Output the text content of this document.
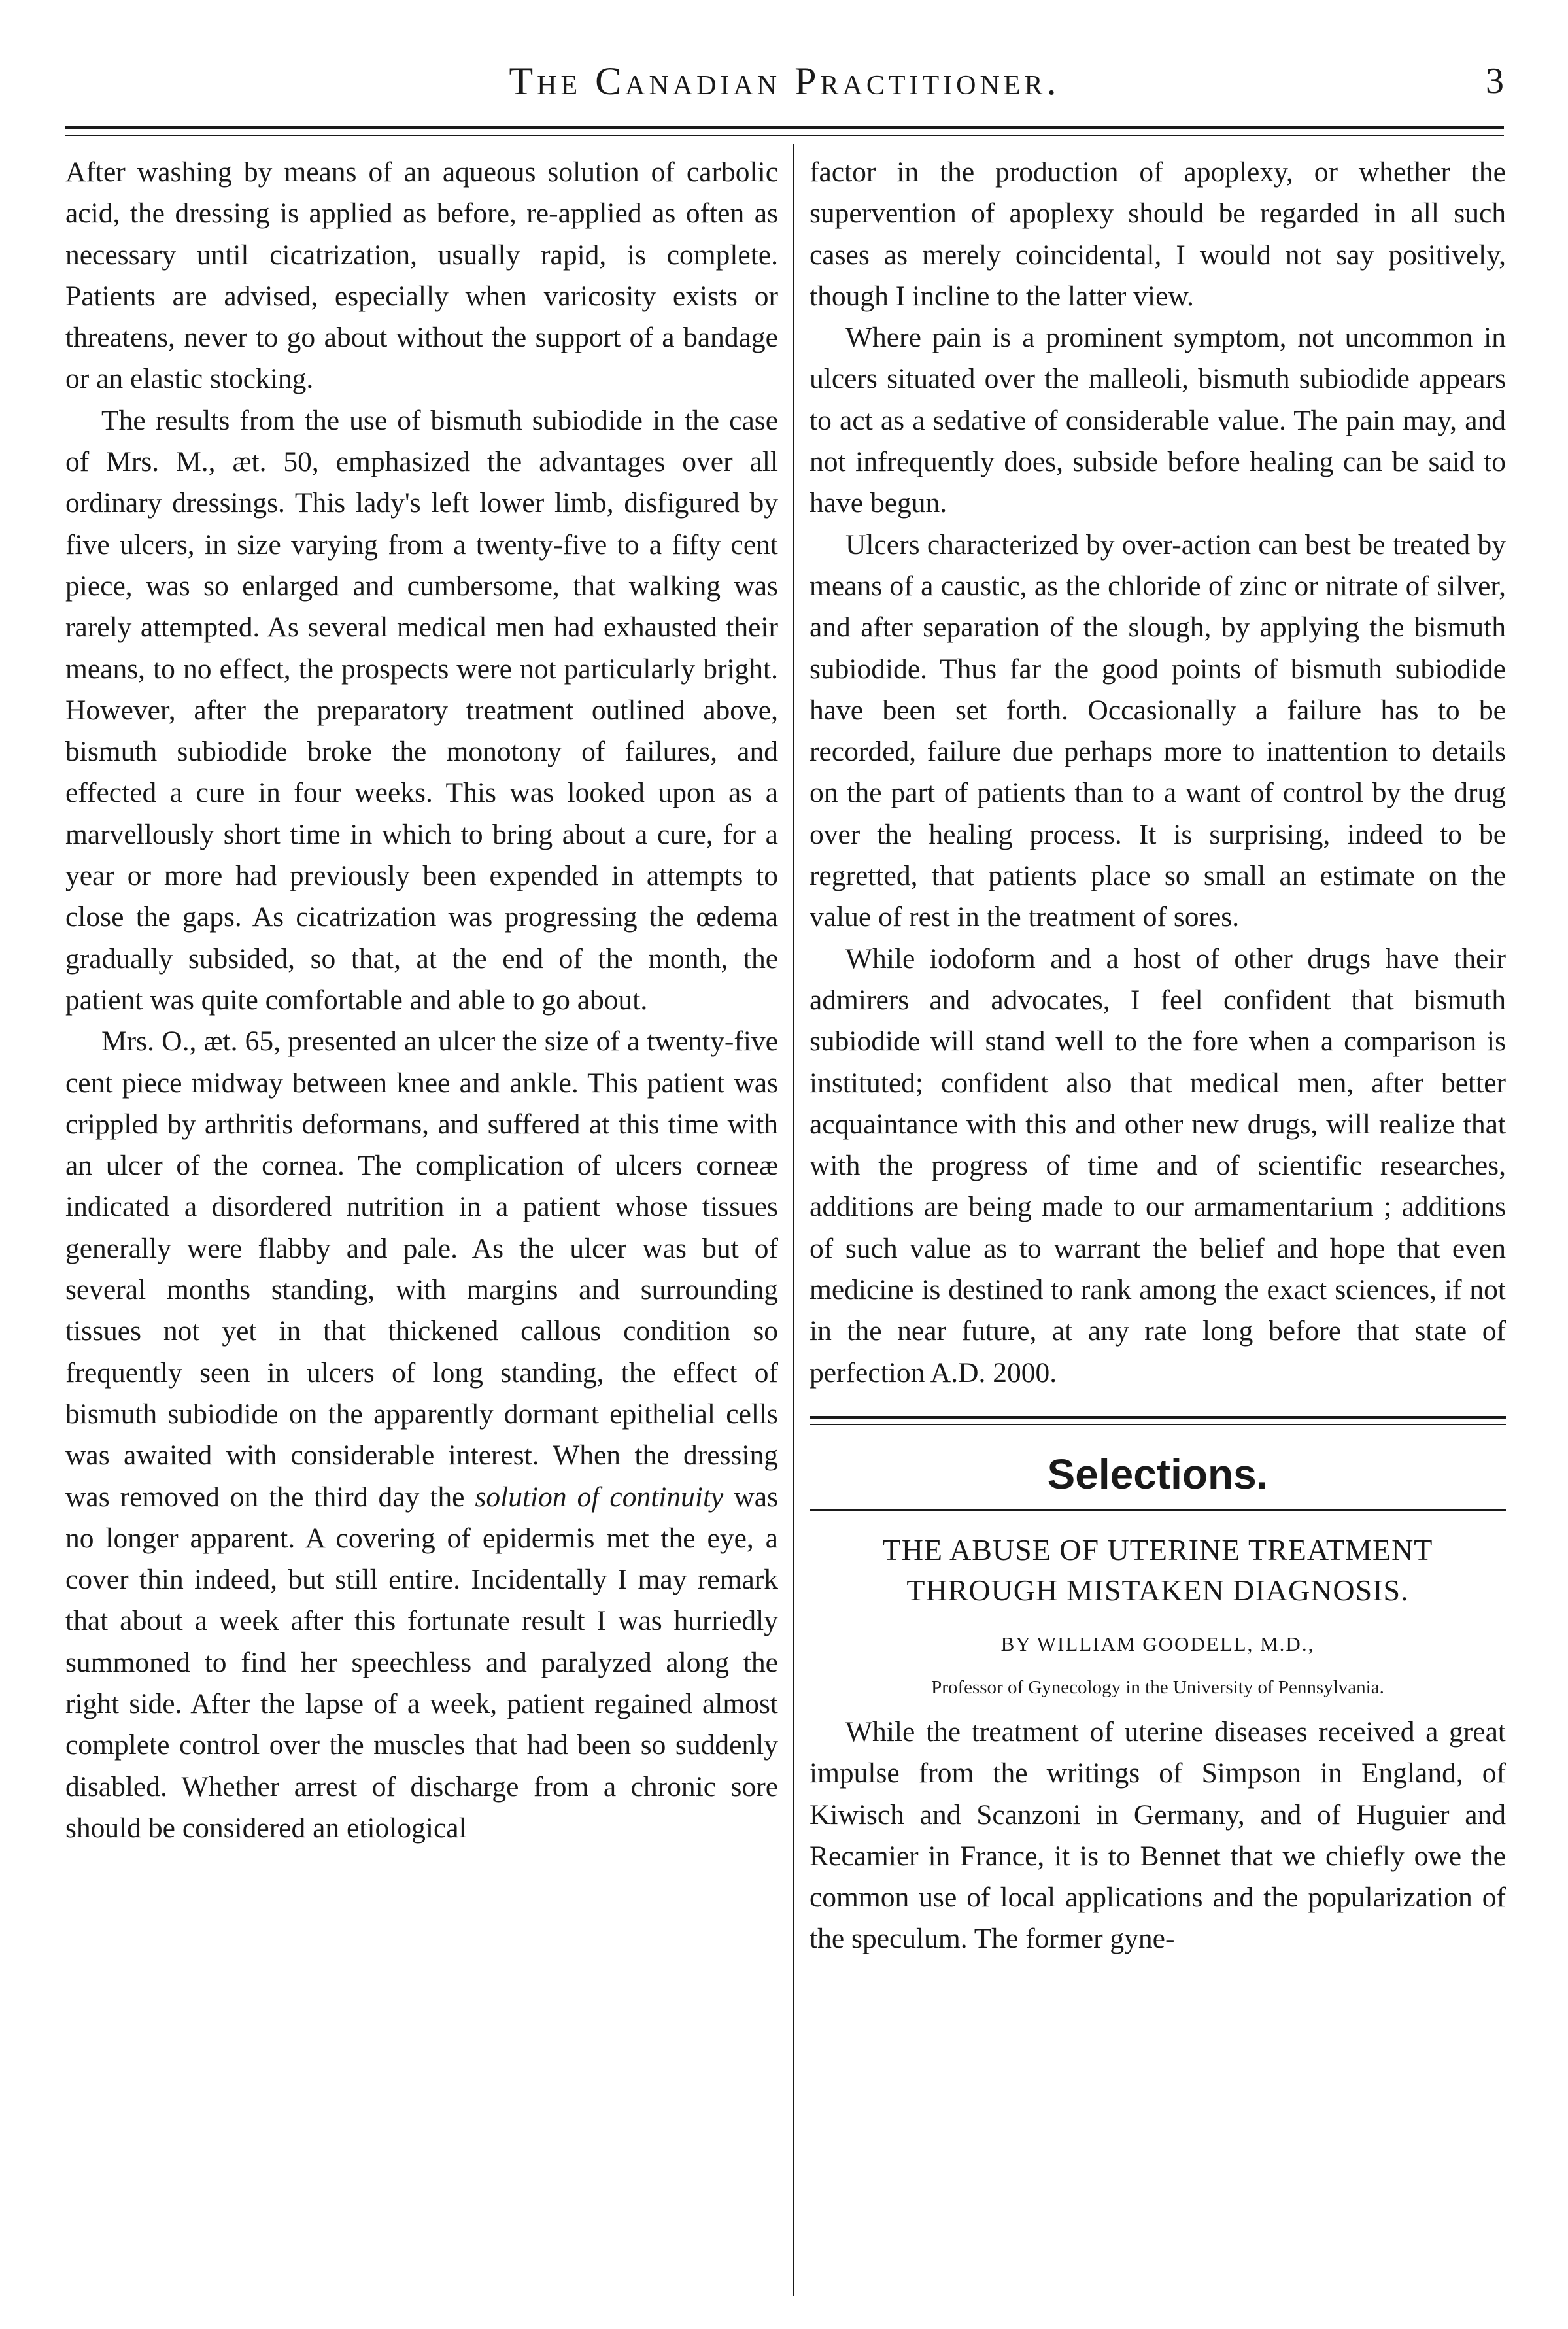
The Canadian Practitioner.	3

After washing by means of an aqueous solution of carbolic acid, the dressing is applied as before, re-applied as often as necessary until cicatrization, usually rapid, is complete. Patients are advised, especially when varicosity exists or threatens, never to go about without the support of a bandage or an elastic stocking.

The results from the use of bismuth subiodide in the case of Mrs. M., æt. 50, emphasized the advantages over all ordinary dressings. This lady's left lower limb, disfigured by five ulcers, in size varying from a twenty-five to a fifty cent piece, was so enlarged and cumbersome, that walking was rarely attempted. As several medical men had exhausted their means, to no effect, the prospects were not particularly bright. However, after the preparatory treatment outlined above, bismuth subiodide broke the monotony of failures, and effected a cure in four weeks. This was looked upon as a marvellously short time in which to bring about a cure, for a year or more had previously been expended in attempts to close the gaps. As cicatrization was progressing the œdema gradually subsided, so that, at the end of the month, the patient was quite comfortable and able to go about.

Mrs. O., æt. 65, presented an ulcer the size of a twenty-five cent piece midway between knee and ankle. This patient was crippled by arthritis deformans, and suffered at this time with an ulcer of the cornea. The complication of ulcers corneæ indicated a disordered nutrition in a patient whose tissues generally were flabby and pale. As the ulcer was but of several months standing, with margins and surrounding tissues not yet in that thickened callous condition so frequently seen in ulcers of long standing, the effect of bismuth subiodide on the apparently dormant epithelial cells was awaited with considerable interest. When the dressing was removed on the third day the solution of continuity was no longer apparent. A covering of epidermis met the eye, a cover thin indeed, but still entire. Incidentally I may remark that about a week after this fortunate result I was hurriedly summoned to find her speechless and paralyzed along the right side. After the lapse of a week, patient regained almost complete control over the muscles that had been so suddenly disabled. Whether arrest of discharge from a chronic sore should be considered an etiological

factor in the production of apoplexy, or whether the supervention of apoplexy should be regarded in all such cases as merely coincidental, I would not say positively, though I incline to the latter view.

Where pain is a prominent symptom, not uncommon in ulcers situated over the malleoli, bismuth subiodide appears to act as a sedative of considerable value. The pain may, and not infrequently does, subside before healing can be said to have begun.

Ulcers characterized by over-action can best be treated by means of a caustic, as the chloride of zinc or nitrate of silver, and after separation of the slough, by applying the bismuth subiodide. Thus far the good points of bismuth subiodide have been set forth. Occasionally a failure has to be recorded, failure due perhaps more to inattention to details on the part of patients than to a want of control by the drug over the healing process. It is surprising, indeed to be regretted, that patients place so small an estimate on the value of rest in the treatment of sores.

While iodoform and a host of other drugs have their admirers and advocates, I feel confident that bismuth subiodide will stand well to the fore when a comparison is instituted; confident also that medical men, after better acquaintance with this and other new drugs, will realize that with the progress of time and of scientific researches, additions are being made to our armamentarium ; additions of such value as to warrant the belief and hope that even medicine is destined to rank among the exact sciences, if not in the near future, at any rate long before that state of perfection A.D. 2000.

Selections.
THE ABUSE OF UTERINE TREATMENT THROUGH MISTAKEN DIAGNOSIS.
BY WILLIAM GOODELL, M.D.,
Professor of Gynecology in the University of Pennsylvania.

While the treatment of uterine diseases received a great impulse from the writings of Simpson in England, of Kiwisch and Scanzoni in Germany, and of Huguier and Recamier in France, it is to Bennet that we chiefly owe the common use of local applications and the popularization of the speculum. The former gyne-
